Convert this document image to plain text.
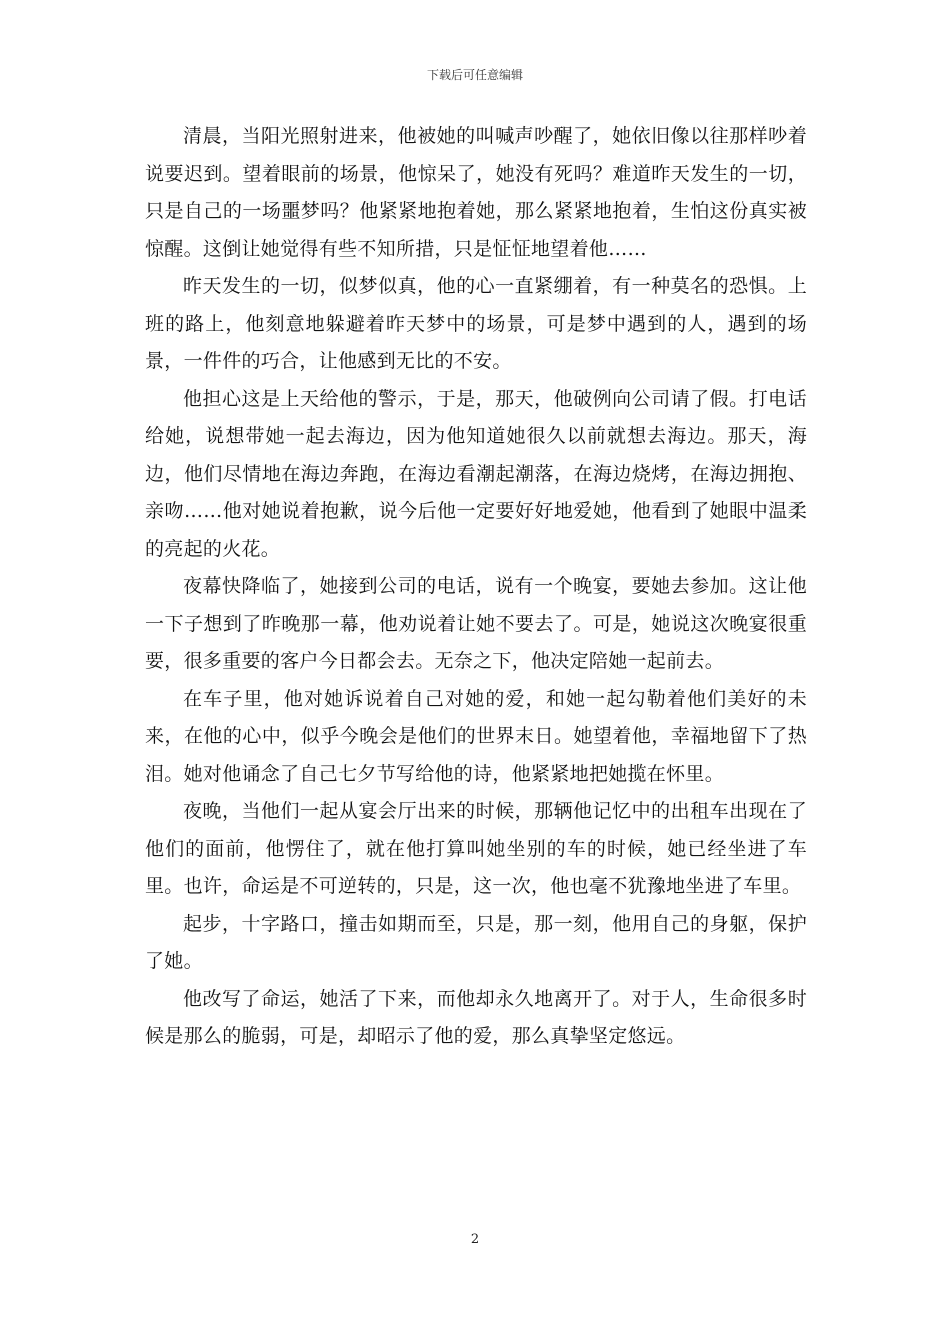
下载后可任意编辑

清晨，当阳光照射进来，他被她的叫喊声吵醒了，她依旧像以往那样吵着说要迟到。望着眼前的场景，他惊呆了，她没有死吗？难道昨天发生的一切，只是自己的一场噩梦吗？他紧紧地抱着她，那么紧紧地抱着，生怕这份真实被惊醒。这倒让她觉得有些不知所措，只是怔怔地望着他……

昨天发生的一切，似梦似真，他的心一直紧绷着，有一种莫名的恐惧。上班的路上，他刻意地躲避着昨天梦中的场景，可是梦中遇到的人，遇到的场景，一件件的巧合，让他感到无比的不安。

他担心这是上天给他的警示，于是，那天，他破例向公司请了假。打电话给她，说想带她一起去海边，因为他知道她很久以前就想去海边。那天，海边，他们尽情地在海边奔跑，在海边看潮起潮落，在海边烧烤，在海边拥抱、亲吻……他对她说着抱歉，说今后他一定要好好地爱她，他看到了她眼中温柔的亮起的火花。

夜幕快降临了，她接到公司的电话，说有一个晚宴，要她去参加。这让他一下子想到了昨晚那一幕，他劝说着让她不要去了。可是，她说这次晚宴很重要，很多重要的客户今日都会去。无奈之下，他决定陪她一起前去。

在车子里，他对她诉说着自己对她的爱，和她一起勾勒着他们美好的未来，在他的心中，似乎今晚会是他们的世界末日。她望着他，幸福地留下了热泪。她对他诵念了自己七夕节写给他的诗，他紧紧地把她揽在怀里。

夜晚，当他们一起从宴会厅出来的时候，那辆他记忆中的出租车出现在了他们的面前，他愣住了，就在他打算叫她坐别的车的时候，她已经坐进了车里。也许，命运是不可逆转的，只是，这一次，他也毫不犹豫地坐进了车里。

起步，十字路口，撞击如期而至，只是，那一刻，他用自己的身躯，保护了她。

他改写了命运，她活了下来，而他却永久地离开了。对于人，生命很多时候是那么的脆弱，可是，却昭示了他的爱，那么真挚坚定悠远。

2
